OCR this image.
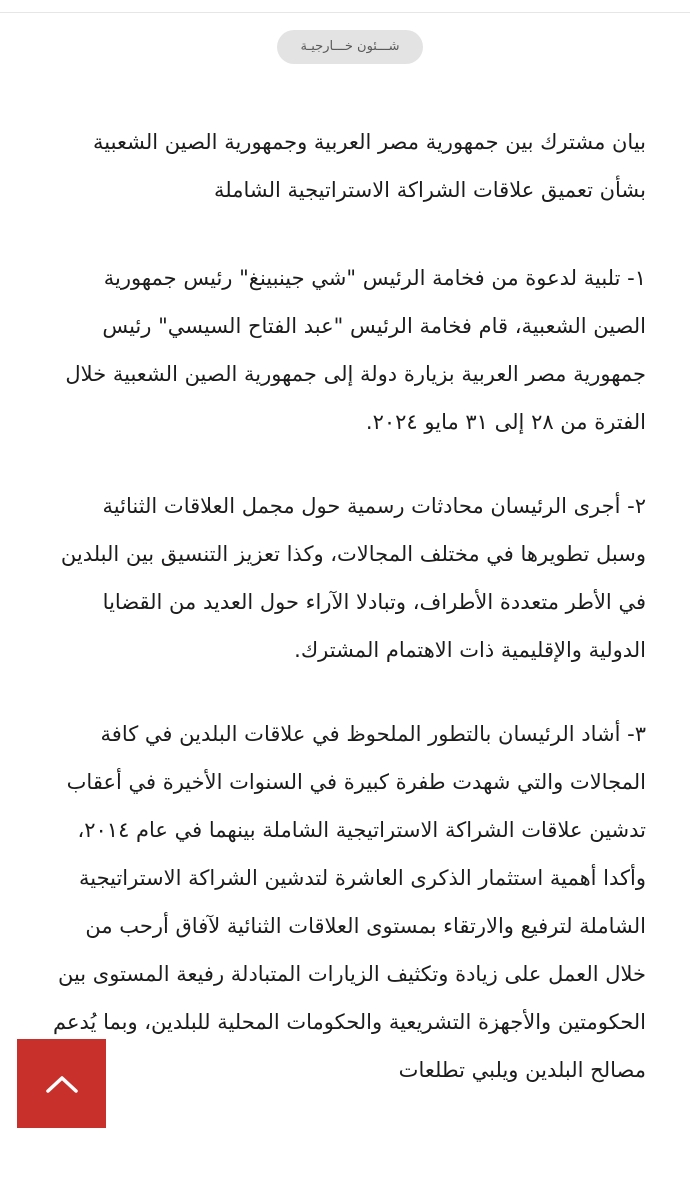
شـــئون خـــارجيـة

بيان مشترك بين جمهورية مصر العربية وجمهورية الصين الشعبية بشأن تعميق علاقات الشراكة الاستراتيجية الشاملة

١- تلبية لدعوة من فخامة الرئيس "شي جينبينغ" رئيس جمهورية الصين الشعبية، قام فخامة الرئيس "عبد الفتاح السيسي" رئيس جمهورية مصر العربية بزيارة دولة إلى جمهورية الصين الشعبية خلال الفترة من ٢٨ إلى ٣١ مايو ٢٠٢٤.

٢- أجرى الرئيسان محادثات رسمية حول مجمل العلاقات الثنائية وسبل تطويرها في مختلف المجالات، وكذا تعزيز التنسيق بين البلدين في الأطر متعددة الأطراف، وتبادلا الآراء حول العديد من القضايا الدولية والإقليمية ذات الاهتمام المشترك.

٣- أشاد الرئيسان بالتطور الملحوظ في علاقات البلدين في كافة المجالات والتي شهدت طفرة كبيرة في السنوات الأخيرة في أعقاب تدشين علاقات الشراكة الاستراتيجية الشاملة بينهما في عام ٢٠١٤، وأكدا أهمية استثمار الذكرى العاشرة لتدشين الشراكة الاستراتيجية الشاملة لترفيع والارتقاء بمستوى العلاقات الثنائية لآفاق أرحب من خلال العمل على زيادة وتكثيف الزيارات المتبادلة رفيعة المستوى بين الحكومتين والأجهزة التشريعية والحكومات المحلية للبلدين، وبما يُدعم مصالح البلدين ويلبي تطلعات
